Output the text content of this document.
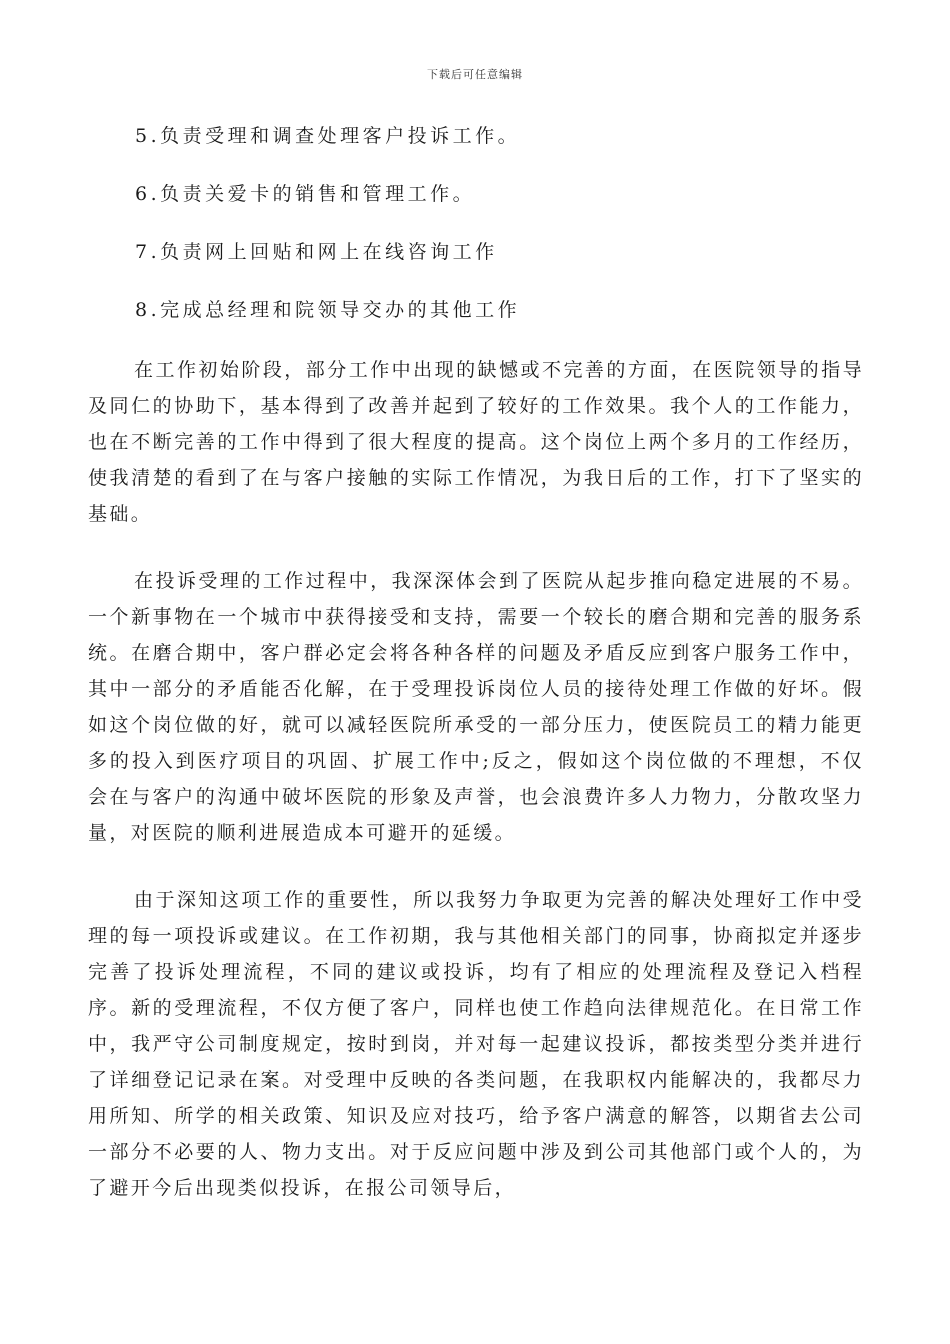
下载后可任意编辑
5.负责受理和调查处理客户投诉工作。
6.负责关爱卡的销售和管理工作。
7.负责网上回贴和网上在线咨询工作
8.完成总经理和院领导交办的其他工作

在工作初始阶段，部分工作中出现的缺憾或不完善的方面，在医院领导的指导及同仁的协助下，基本得到了改善并起到了较好的工作效果。我个人的工作能力，也在不断完善的工作中得到了很大程度的提高。这个岗位上两个多月的工作经历，使我清楚的看到了在与客户接触的实际工作情况，为我日后的工作，打下了坚实的基础。

在投诉受理的工作过程中，我深深体会到了医院从起步推向稳定进展的不易。一个新事物在一个城市中获得接受和支持，需要一个较长的磨合期和完善的服务系统。在磨合期中，客户群必定会将各种各样的问题及矛盾反应到客户服务工作中，其中一部分的矛盾能否化解，在于受理投诉岗位人员的接待处理工作做的好坏。假如这个岗位做的好，就可以减轻医院所承受的一部分压力，使医院员工的精力能更多的投入到医疗项目的巩固、扩展工作中;反之，假如这个岗位做的不理想，不仅会在与客户的沟通中破坏医院的形象及声誉，也会浪费许多人力物力，分散攻坚力量，对医院的顺利进展造成本可避开的延缓。

由于深知这项工作的重要性，所以我努力争取更为完善的解决处理好工作中受理的每一项投诉或建议。在工作初期，我与其他相关部门的同事，协商拟定并逐步完善了投诉处理流程，不同的建议或投诉，均有了相应的处理流程及登记入档程序。新的受理流程，不仅方便了客户，同样也使工作趋向法律规范化。在日常工作中，我严守公司制度规定，按时到岗，并对每一起建议投诉，都按类型分类并进行了详细登记记录在案。对受理中反映的各类问题，在我职权内能解决的，我都尽力用所知、所学的相关政策、知识及应对技巧，给予客户满意的解答，以期省去公司一部分不必要的人、物力支出。对于反应问题中涉及到公司其他部门或个人的，为了避开今后出现类似投诉，在报公司领导后，
